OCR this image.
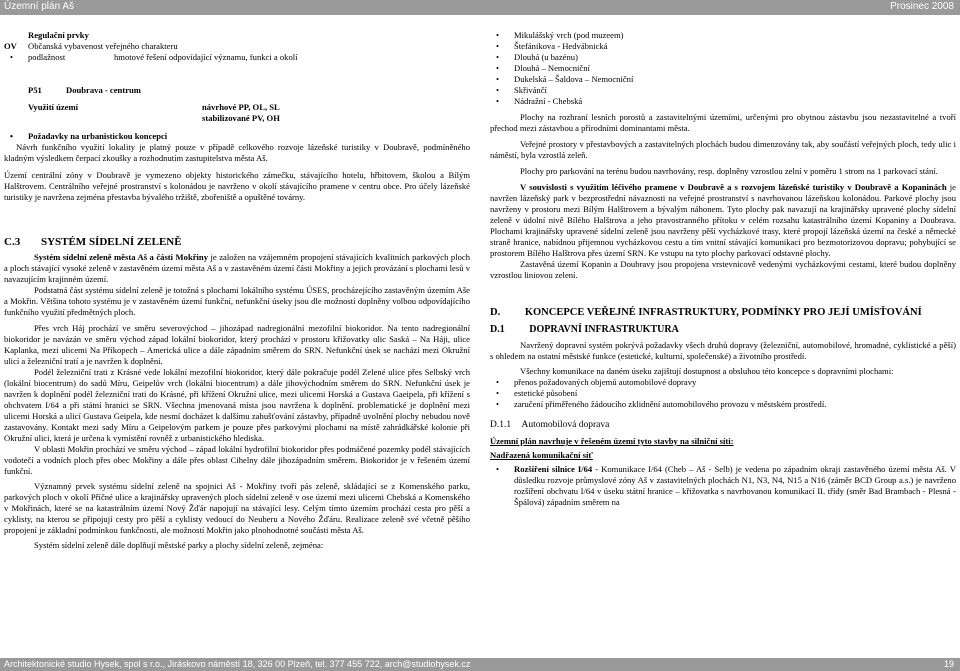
Územní plán Aš	Prosinec 2008
Regulační prvky
OV Občanská vybavenost veřejného charakteru
• podlažnost	hmotové řešení odpovídající významu, funkci a okolí
P51	Doubrava - centrum
Využití území	návrhové PP, OL, SL
stabilizované PV, OH
• Požadavky na urbanistickou koncepci

Návrh funkčního využití lokality je platný pouze v případě celkového rozvoje lázeňské turistiky v Doubravě, podmíněného kladným výsledkem čerpací zkoušky a rozhodnutím zastupitelstva města Aš.

Území centrální zóny v Doubravě je vymezeno objekty historického zámečku, stávajícího hotelu, hřbitovem, školou a Bílým Halštrovem. Centrálního veřejné prostranství s kolonádou je navrženo v okolí stávajícího pramene v centru obce. Pro účely lázeňské turistiky je navržena zejména přestavba bývalého tržiště, zbořeniště a opuštěné továrny.

C.3 SYSTÉM SÍDELNÍ ZELENĚ

Systém sídelní zeleně města Aš a části Mokřiny je založen na vzájemném propojení stávajících kvalitních parkových ploch a ploch stávající vysoké zeleně v zastavěném území města Aš a v zastavěném území části Mokřiny a jejich provázání s plochami lesů v navazujícím krajinném území.

Podstatná část systému sídelní zeleně je totožná s plochami lokálního systému ÚSES, procházejícího zastavěným územím Aše a Mokřin. Většina tohoto systému je v zastavěném území funkční, nefunkční úseky jsou dle možností doplněny volbou odpovídajícího funkčního využití předmětných ploch.

Přes vrch Háj prochází ve směru severovýchod – jihozápad nadregionální mezofilní biokoridor. Na tento nadregionální biokoridor je navázán ve směru východ západ lokální biokoridor, který prochází v prostoru křižovatky ulic Saská – Na Háji, ulice Kaplanka, mezi ulicemi Na Příkopech – Americká ulice a dále západním směrem do SRN. Nefunkční úsek se nachází mezi Okružní ulicí a železniční tratí a je navržen k doplnění.

Podél železniční trati z Krásné vede lokální mezofilní biokoridor, který dále pokračuje podél Zelené ulice přes Selbský vrch (lokální biocentrum) do sadů Míru, Geipelův vrch (lokální biocentrum) a dále jihovýchodním směrem do SRN. Nefunkční úsek je navržen k doplnění podél železniční trati do Krásné, při křížení Okružní ulice, mezi ulicemi Horská a Gustava Gaeipela, při křížení s obchvatem I/64 a při státní hranici se SRN. Všechna jmenovaná místa jsou navržena k doplnění. problematické je doplnění mezi ulicemi Horská a ulicí Gustava Geipela, kde nesmí docházet k dalšímu zahušťování zástavby, případně uvolnění plochy nebudou nově zastavovány. Kontakt mezi sady Míru a Geipelovým parkem je pouze přes parkovými plochami na místě zahrádkářské kolonie při Okružní ulici, která je určena k vymístění rovněž z urbanistického hlediska.

V oblasti Mokřin prochází ve směru východ – západ lokální hydrofilní biokoridor přes podmáčené pozemky podél stávajících vodotečí a vodních ploch přes obec Mokřiny a dále přes oblast Cihelny dále jihozápadním směrem. Biokoridor je v řešeném území funkční.

Významný prvek systému sídelní zeleně na spojnici Aš - Mokřiny tvoří pás zeleně, skládající se z Komenského parku, parkových ploch v okolí Příčné ulice a krajinářsky upravených ploch sídelní zeleně v ose území mezi ulicemi Chebská a Komenského v Mokřinách, které se na katastrálním území Nový Žďár napojují na stávající lesy. Celým tímto územím prochází cesta pro pěší a cyklisty, na kterou se připojují cesty pro pěší a cyklisty vedoucí do Neuberu a Nového Žďáru. Realizace zeleně své včetně pěšího propojení je základní podmínkou funkčnosti, ale možností Mokřin jako plnohodnotné součásti města Aš.

Systém sídelní zeleně dále doplňují městské parky a plochy sídelní zeleně, zejména:

• Mikulášský vrch (pod muzeem)
• Štefánikova - Hedvábnická
• Dlouhá (u bazénu)
• Dlouhá – Nemocniční
• Dukelská – Šaldova – Nemocniční
• Skřivánčí
• Nádražní - Chebská

Plochy na rozhraní lesních porostů a zastavitelnými územími, určenými pro obytnou zástavbu jsou nezastavitelné a tvoří přechod mezi zástavbou a přírodními dominantami města.

Veřejné prostory v přestavbových a zastavitelných plochách budou dimenzovány tak, aby součástí veřejných ploch, tedy ulic i náměstí, byla vzrostlá zeleň.

Plochy pro parkování na terénu budou navrhovány, resp. doplněny vzrostlou zelní v poměru 1 strom na 1 parkovací stání.

V souvislosti s využitím léčivého pramene v Doubravě a s rozvojem lázeňské turistiky v Doubravě a Kopaninách je navržen lázeňský park v bezprostřední návaznosti na veřejné prostranství s navrhovanou lázeňskou kolonádou. Parkové plochy jsou navrženy v prostoru mezi Bílým Halštrovem a bývalým náhonem. Tyto plochy pak navazují na krajinářsky upravené plochy sídelní zeleně v údolní nivě Bílého Halštrova a jeho pravostranného přítoku v celém rozsahu katastrálního území Kopaniny a Doubrava. Plochami krajinářsky upravené sídelní zeleně jsou navrženy pěší vycházkové trasy, které propojí lázeňská území na české a německé straně hranice, nabídnou přijemnou vycházkovou cestu a tím vnitní stávající komunikaci pro bezmotorizovou dopravu; pohybující se prostorem Bílého Halštrova přes území SRN. Ke vstupu na tyto plochy parkovací odstavné plochy.

Zastavěná území Kopanin a Doubravy jsou propojena vrstevnicově vedenými vycházkovými cestami, které budou doplněny vzrostlou liniovou zelení.

D. KONCEPCE VEŘEJNÉ INFRASTRUKTURY, PODMÍNKY PRO JEJÍ UMÍSŤOVÁNÍ
D.1 DOPRAVNÍ INFRASTRUKTURA

Navržený dopravní systém pokrývá požadavky všech druhů dopravy (železniční, automobilové, hromadné, cyklistické a pěší) s ohledem na ostatní městské funkce (estetické, kulturní, společenské) a životního prostředí.

Všechny komunikace na daném úseku zajištují dostupnost a obsluhou této koncepce s dopravními plochami:

• přenos požadovaných objemů automobilové dopravy
• estetické působení
• zaručení přiměřeného žádoucího zklidnění automobilového provozu v městském prostředí.
D.1.1 Automobilová doprava
Územní plán navrhuje v řešeném území tyto stavby na silniční síti:
Nadřazená komunikační síť

• Rozšíření silnice I/64 - Komunikace I/64 (Cheb – Aš - Selb) je vedena po západním okraji zastavěného území města Aš. V důsledku rozvoje průmyslové zóny Aš v zastavitelných plochách N1, N3, N4, N15 a N16 (záměr BCD Group a.s.) je navrženo rozšíření obchvatu I/64 v úseku státní hranice – křižovatka s navrhovanou komunikací II. třídy (směr Bad Brambach - Plesná - Špálová) západním směrem na

Architektonické studio Hysek, spol s r.o., Jiráskovo náměstí 18, 326 00 Plzeň, tel. 377 455 722, arch@studiohysek.cz	19
